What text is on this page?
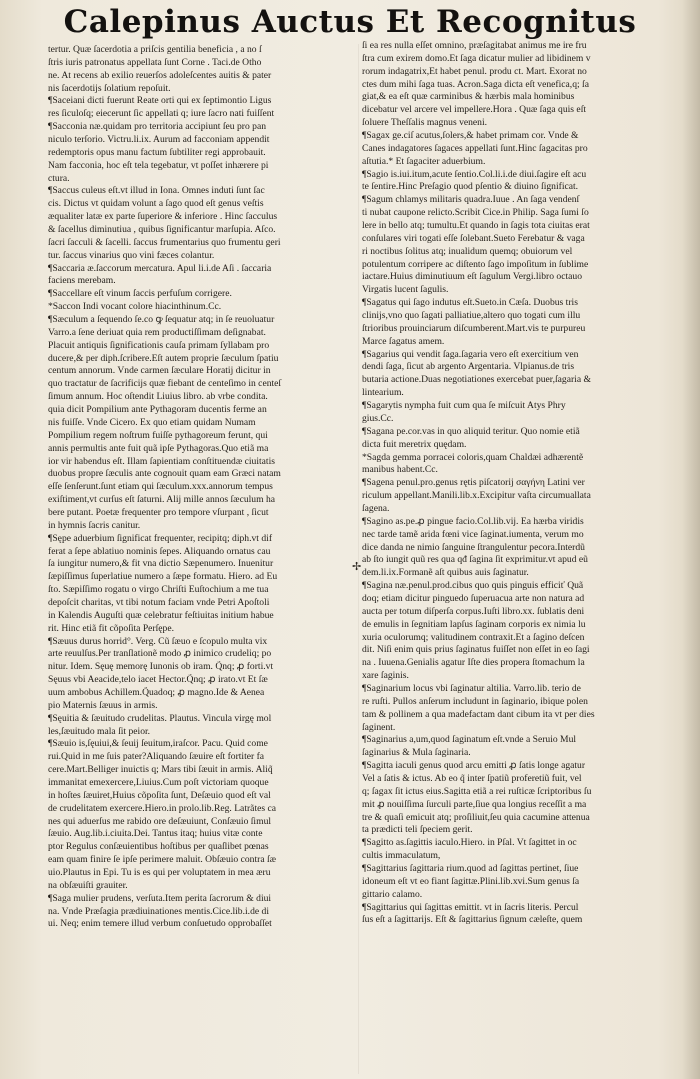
Calepinus Auctus Et Recognitus
tertur. Quæ ſacerdotia a priſcis gentilia beneficia , a no ſ
ſtris iuris patronatus appellata ſunt Corne . Taci.de Otho
ne. At recens ab exilio reuerſos adoleſcentes auitis & pater
nis ſacerdotijs ſolatium repoſuit.
¶Saceiani dicti fuerunt Reate orti qui ex ſeptimontio Ligus
res ſiculoſq; eiecerunt ſic appellati q; iure ſacro nati fuiſſent
¶Sacconia næ.quidam pro territoria accipiunt ſeu pro pan
niculo terſorio. Victru.li.ix. Aurum ad facconiam appendit
redemptoris opus manu factum ſubtiliter regi approbauit.
Nam facconia, hoc eſt tela tegebatur, vt poſſet inhærere pi
ctura.
¶Saccus culeus eſt.vt illud in Iona. Omnes induti ſunt ſac
cis. Dictus vt quidam volunt a ſago quod eſt genus veſtis
æqualiter latæ ex parte ſuperiore & inferiore . Hinc ſacculus
& ſacellus diminutiua , quibus ſignificantur marſupia. Aſco.
ſacri ſacculi & ſacelli. ſaccus frumentarius quo frumentu geri
tur. ſaccus vinarius quo vini fæces colantur.
¶Saccaria æ.ſaccorum mercatura. Apul li.i.de Aſi . ſaccaria
faciens merebam.
¶Saccellare eſt vinum ſaccis perfuſum corrigere.
*Saccon Indi vocant colore hiacinthinum.Cc.
¶Sæculum a ſequendo ſe.co ꝙ ſequatur atq; in ſe reuoluatur
Varro.a ſene deriuat quia rem productiſſimam deſignabat.
Placuit antiquis ſignificationis cauſa primam ſyllabam pro
ducere,& per diph.ſcribere.Eſt autem proprie ſæculum ſpatiu
centum annorum. Vnde carmen ſæculare Horatij dicitur in
quo tractatur de ſacrificijs quæ fiebant de centeſimo in centeſ
ſimum annum. Hoc oſtendit Liuius libro. ab vrbe condita.
quia dicit Pompilium ante Pythagoram ducentis ferme an
nis fuiſſe. Vnde Cicero. Ex quo etiam quidam Numam
Pompilium regem noſtrum fuiſſe pythagoreum ferunt, qui
annis permultis ante fuit quã ipſe Pythagoras.Quo etiã ma
ior vir habendus eſt. Illam ſapientiam conſtituendæ ciuitatis
duobus propre ſæculis ante cognouit quam eam Græci natam
eſſe ſenſerunt.ſunt etiam qui ſæculum.xxx.annorum tempus
exiſtiment,vt curſus eſt ſaturni. Alij mille annos ſæculum ha
bere putant. Poetæ frequenter pro tempore vſurpant , ſicut
in hymnis ſacris canitur.
¶Sępe aduerbium ſignificat frequenter, recipitq; diph.vt dif
ferat a ſepe ablatiuo nominis ſepes. Aliquando ornatus cau
ſa iungitur numero,& fit vna dictio Sæpenumero. Inuenitur
ſæpiſſimus ſuperlatiue numero a ſæpe formatu. Hiero. ad Eu
ſto. Sæpiſſimo rogatu o virgo Chriſti Euſtochium a me tua
depoſcit charitas, vt tibi notum faciam vnde Petri Apoſtoli
in Kalendis Auguſti quæ celebratur feſtiuitas initium habue
rit. Hinc etiã fit cõpoſita Perſępe.
¶Sæuus durus horrid°. Verg. Cũ ſæuo e ſcopulo multa vix
arte reuulſus.Per tranſlationẽ modo ꝓ inimico crudeliq; po
nitur. Idem. Sęuę memorę Iunonis ob iram. Q̃nq; ꝓ forti.vt
Sęuus vbi Aeacide,telo iacet Hector.Q̃nq; ꝓ irato.vt Et ſæ
uum ambobus Achillem.Q̃uadoq; ꝓ magno.Ide & Aenea
pio Maternis ſæuus in armis.
¶Sęuitia & ſæuitudo crudelitas. Plautus. Vincula virgę mol
les,ſæuitudo mala ſit peior.
¶Sæuio is,ſęuiui,& ſeuij ſeuitum,iraſcor. Pacu. Quid come
rui.Quid in me ſuis pater?Aliquando ſæuire eſt fortiter fa
cere.Mart.Belliger inuictis q; Mars tibi ſæuit in armis. Aliq̃
immanitat emexercere,Liuius.Cum poſt victoriam quoque
in hoſtes ſæuiret,Huius cõpoſita ſunt, Deſæuio quod eſt val
de crudelitatem exercere.Hiero.in prolo.lib.Reg. Latrãtes ca
nes qui aduerſus me rabido ore deſæuiunt, Conſæuio ſimul
ſæuio. Aug.lib.i.ciuita.Dei. Tantus itaq; huius vitæ conte
ptor Regulus conſæuientibus hoſtibus per quaſlibet pœnas
eam quam finire ſe ipſe perimere maluit. Obſæuio contra ſæ
uio.Plautus in Epi. Tu is es qui per voluptatem in mea æru
na obſæuiſti grauiter.
¶Saga mulier prudens, verſuta.Item perita ſacrorum & diui
na. Vnde Præſagia prædiuinationes mentis.Cice.lib.i.de di
ui. Neq; enim temere illud verbum conſuetudo opprobaſſet
✢
ſi ea res nulla eſſet omnino, præſagitabat animus me ire fru
ſtra cum exirem domo.Et ſaga dicatur mulier ad libidinem v
rorum indagatrix,Et habet penul. produ ct. Mart. Exorat no
ctes dum mihi ſaga tuas. Acron.Saga dicta eſt venefica,q; ſa
giat,& ea eſt quæ carminibus & hærbis mala hominibus
dicebatur vel arcere vel impellere.Hora . Quæ ſaga quis eſt
ſoluere Theſſalis magnus veneni.
¶Sagax ge.ciſ acutus,ſolers,& habet primam cor. Vnde &
Canes indagatores ſagaces appellati ſunt.Hinc ſagacitas pro
aſtutia.* Et ſagaciter aduerbium.
¶Sagio is.iui.itum,acute ſentio.Col.li.i.de diui.ſagire eſt acu
te ſentire.Hinc Preſagio quod pſentio & diuino ſignificat.
¶Sagum chlamys militaris quadra.Iuue . An ſaga vendenſ
ti nubat caupone relicto.Scribit Cice.in Philip. Saga ſumi ſo
lere in bello atq; tumultu.Et quando in ſagis tota ciuitas erat
conſulares viri togati eſſe ſolebant.Sueto Ferebatur & vaga
ri noctibus ſolitus atq; inualidum quemq; obuiorum vel
potulentum corripere ac diſtento ſago impoſitum in ſublime
iactare.Huius diminutiuum eſt ſagulum Vergi.libro octauo
Virgatis lucent ſagulis.
¶Sagatus qui ſago indutus eſt.Sueto.in Cæſa. Duobus tris
clinijs,vno quo ſagati palliatiue,altero quo togati cum illu
ſtrioribus prouinciarum diſcumberent.Mart.vis te purpureu
Marce ſagatus amem.
¶Sagarius qui vendit ſaga.ſagaria vero eſt exercitium ven
dendi ſaga, ſicut ab argento Argentaria. Vlpianus.de tris
butaria actione.Duas negotiationes exercebat puer,ſagaria &
lintearium.
¶Sagarytis nympha fuit cum qua ſe miſcuit Atys Phry
gius.Cc.
¶Sagana pe.cor.vas in quo aliquid teritur. Quo nomie etiã
dicta fuit meretrix quędam.
*Sagda gemma porracei coloris,quam Chaldæi adhærentẽ
manibus habent.Cc.
¶Sagena penul.pro.genus rętis piſcatorij σαγήνη Latini ver
riculum appellant.Manili.lib.x.Excipitur vaſta circumuallata
ſagena.
¶Sagino as.pe.ꝓ pingue facio.Col.lib.vij. Ea hærba viridis
nec tarde tamẽ arida fœni vice ſaginat.iumenta, verum mo
dice danda ne nimio ſanguine ſtrangulentur pecora.Interdũ
ab ſto iungit quũ res qua qđ ſagina ſit exprimitur.vt apud eũ
dem.li.ix.Formanẽ aſt quibus auis ſaginatur.
¶Sagina næ.penul.prod.cibus quo quis pinguis efficiť Quã
doq; etiam dicitur pinguedo ſuperuacua arte non natura ad
aucta per totum diſperſa corpus.Iuſti libro.xx. ſublatis deni
de emulis in ſegnitiam lapſus ſaginam corporis ex nimia lu
xuria oculorumq; valitudinem contraxit.Et a ſagino deſcen
dit. Niſi enim quis prius ſaginatus fuiſſet non eſſet in eo ſagi
na . Iuuena.Genialis agatur Iſte dies propera ſtomachum la
xare ſaginis.
¶Saginarium locus vbi ſaginatur altilia. Varro.lib. terio de
re ruſti. Pullos anſerum includunt in ſaginario, ibique polen
tam & pollinem a qua madefactam dant cibum ita vt per dies
ſaginent.
¶Saginarius a,um,quod ſaginatum eſt.vnde a Seruio Mul
ſaginarius & Mula ſaginaria.
¶Sagitta iaculi genus quod arcu emitti ꝓ ſatis longe agatur
Vel a ſatis & ictus. Ab eo q̃ inter ſpatiũ proferetiũ fuit, vel
q; ſagax ſit ictus eius.Sagitta etiã a rei ruſticæ ſcriptoribus ſu
mit ꝓ nouiſſima ſurculi parte,ſiue qua longius receſſit a ma
tre & quaſi emicuit atq; proſiliuit,ſeu quia cacumine attenua
ta prædicti teli ſpeciem gerit.
¶Sagitto as.ſagittis iaculo.Hiero. in Pſal. Vt ſagittet in oc
cultis immaculatum,
¶Sagittarius ſagittaria rium.quod ad ſagittas pertinet, ſiue
idoneum eſt vt eo fiant ſagittæ.Plini.lib.xvi.Sum genus ſa
gittario calamo.
¶Sagittarius qui ſagittas emittit. vt in ſacris literis. Percul
ſus eſt a ſagittarijs. Eſt & ſagittarius ſignum cæleſte, quem
